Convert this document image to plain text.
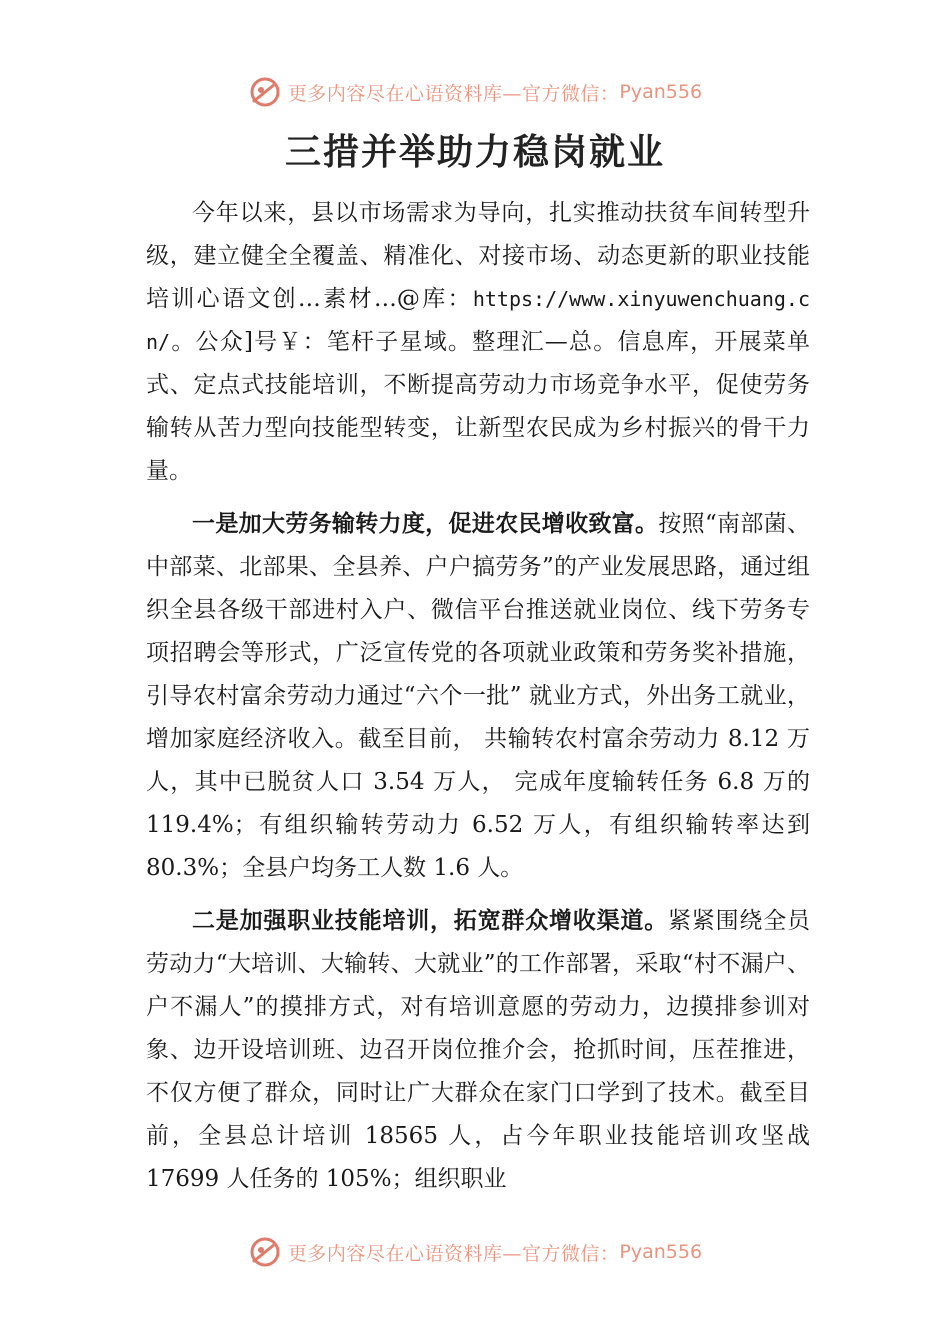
更多内容尽在心语资料库—官方微信： Pyan556
三措并举助力稳岗就业

今年以来，县以市场需求为导向，扎实推动扶贫车间转型升级，建立健全全覆盖、精准化、对接市场、动态更新的职业技能培训心语文创…素材…@库：https://www.xinyuwenchuang.cn/。公众]号￥：笔杆子星域。整理汇—总。信息库，开展菜单式、定点式技能培训，不断提高劳动力市场竞争水平，促使劳务输转从苦力型向技能型转变，让新型农民成为乡村振兴的骨干力量。

一是加大劳务输转力度，促进农民增收致富。按照“南部菌、中部菜、北部果、全县养、户户搞劳务”的产业发展思路，通过组织全县各级干部进村入户、微信平台推送就业岗位、线下劳务专项招聘会等形式，广泛宣传党的各项就业政策和劳务奖补措施，引导农村富余劳动力通过“六个一批” 就业方式，外出务工就业，增加家庭经济收入。截至目前， 共输转农村富余劳动力 8.12 万人，其中已脱贫人口 3.54 万人， 完成年度输转任务 6.8 万的 119.4%；有组织输转劳动力 6.52 万人，有组织输转率达到 80.3%；全县户均务工人数 1.6 人。

二是加强职业技能培训，拓宽群众增收渠道。紧紧围绕全员劳动力“大培训、大输转、大就业”的工作部署，采取“村不漏户、户不漏人”的摸排方式，对有培训意愿的劳动力，边摸排参训对象、边开设培训班、边召开岗位推介会，抢抓时间，压茬推进，不仅方便了群众，同时让广大群众在家门口学到了技术。截至目前，全县总计培训 18565 人，占今年职业技能培训攻坚战 17699 人任务的 105%；组织职业

更多内容尽在心语资料库—官方微信： Pyan556
